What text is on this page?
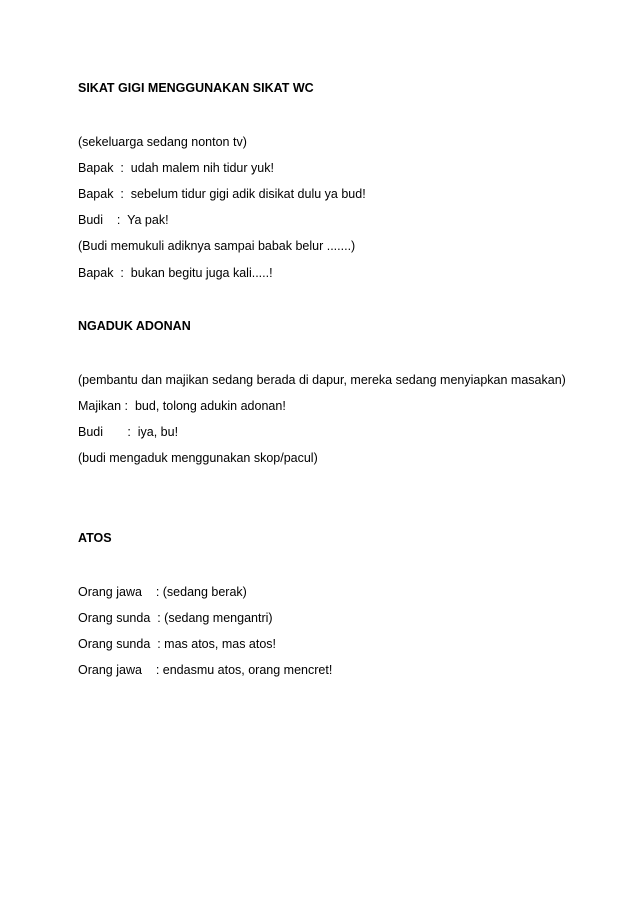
SIKAT GIGI MENGGUNAKAN SIKAT WC
(sekeluarga sedang nonton tv)
Bapak  :  udah malem nih tidur yuk!
Bapak  :  sebelum tidur gigi adik disikat dulu ya bud!
Budi    :  Ya pak!
(Budi memukuli adiknya sampai babak belur .......)
Bapak  :  bukan begitu juga kali.....!
NGADUK ADONAN
(pembantu dan majikan sedang berada di dapur, mereka sedang menyiapkan masakan)
Majikan :  bud, tolong adukin adonan!
Budi       :  iya, bu!
(budi mengaduk menggunakan skop/pacul)
ATOS
Orang jawa    : (sedang berak)
Orang sunda  : (sedang mengantri)
Orang sunda  : mas atos, mas atos!
Orang jawa    : endasmu atos, orang mencret!
